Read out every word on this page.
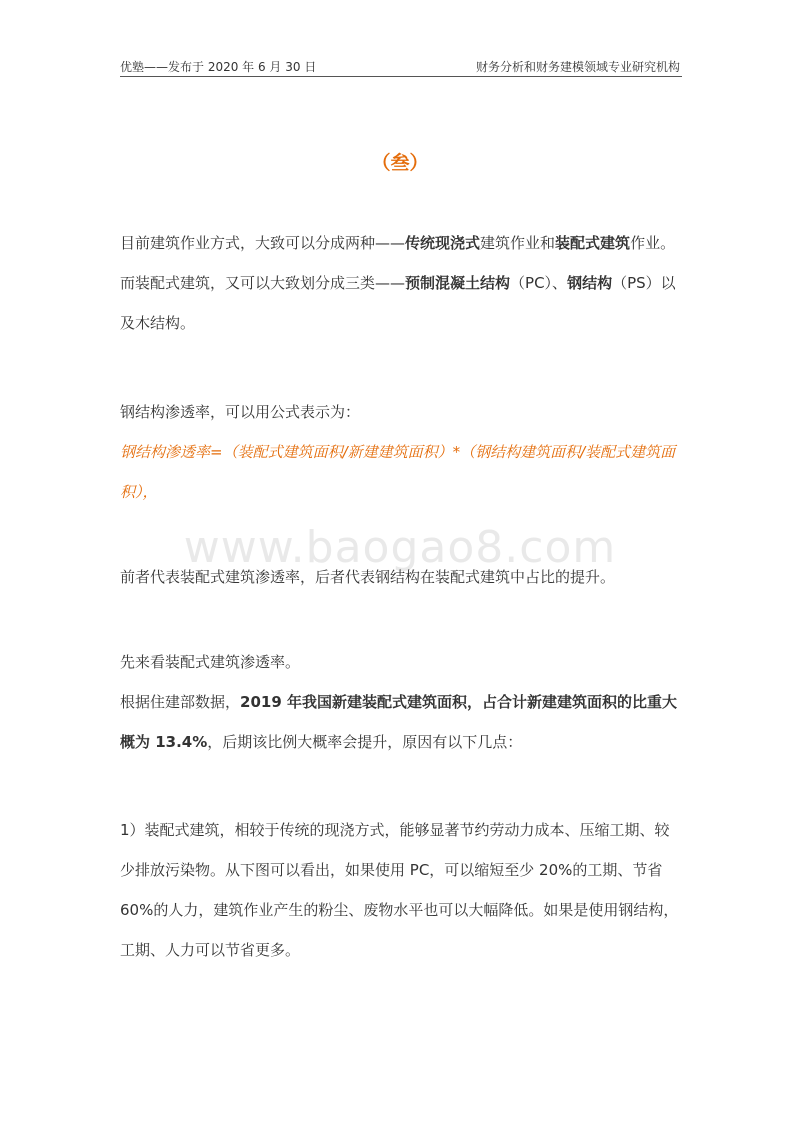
优塾——发布于 2020 年 6 月 30 日	财务分析和财务建模领域专业研究机构
（叁）
目前建筑作业方式，大致可以分成两种——传统现浇式建筑作业和装配式建筑作业。而装配式建筑，又可以大致划分成三类——预制混凝土结构（PC）、钢结构（PS）以及木结构。
钢结构渗透率，可以用公式表示为：
钢结构渗透率=（装配式建筑面积/新建建筑面积）*（钢结构建筑面积/装配式建筑面积），
www.baogao8.com
前者代表装配式建筑渗透率，后者代表钢结构在装配式建筑中占比的提升。
先来看装配式建筑渗透率。
根据住建部数据，2019 年我国新建装配式建筑面积，占合计新建建筑面积的比重大概为 13.4%，后期该比例大概率会提升，原因有以下几点：
1）装配式建筑，相较于传统的现浇方式，能够显著节约劳动力成本、压缩工期、较少排放污染物。从下图可以看出，如果使用 PC，可以缩短至少 20%的工期、节省 60%的人力，建筑作业产生的粉尘、废物水平也可以大幅降低。如果是使用钢结构，工期、人力可以节省更多。
